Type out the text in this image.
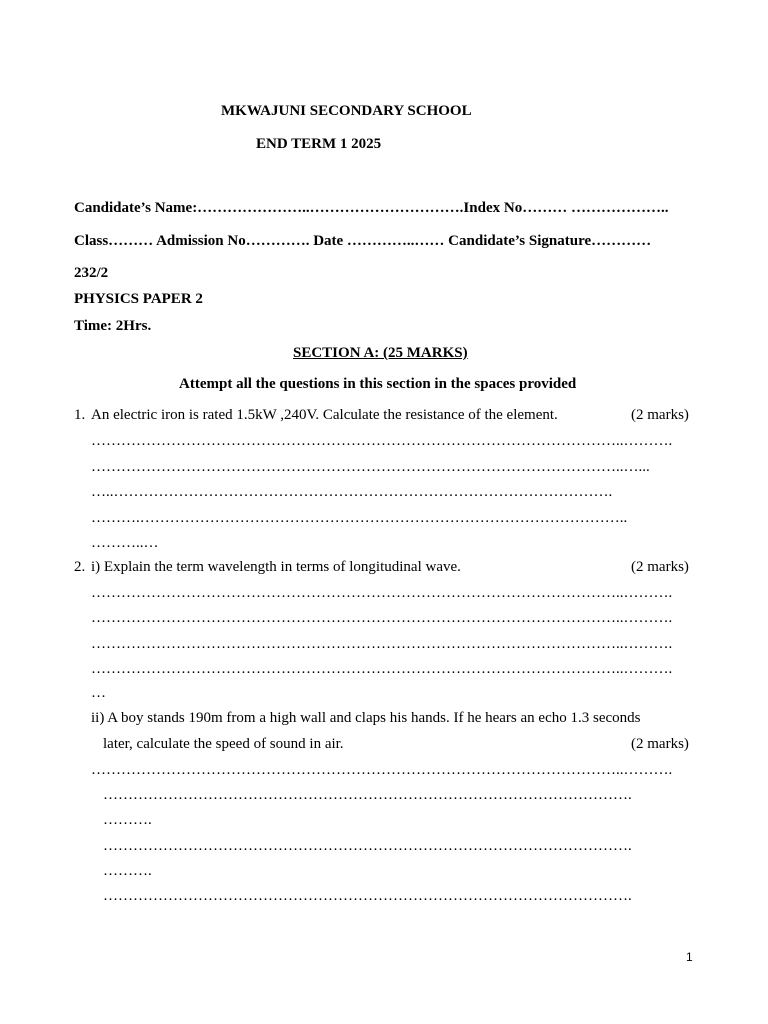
MKWAJUNI SECONDARY SCHOOL
END TERM 1 2025
Candidate’s Name:…………………..………………………….Index No……… ………………..
Class……… Admission No…………. Date …………..…… Candidate’s Signature…………
232/2
PHYSICS PAPER 2
Time: 2Hrs.
SECTION A: (25 MARKS)
Attempt all the questions in this section in the spaces provided
1. An electric iron is rated 1.5kW ,240V. Calculate the resistance of the element.	(2 marks)
……………………………………………………………………………………………..……….
……………………………………………………………………………………………..…...
…..……………………………………………………………………………………….
……….……………………………………………………………………………………..
………..…
2. i) Explain the term wavelength in terms of longitudinal wave.	(2 marks)
……………………………………………………………………………………………..……….
……………………………………………………………………………………………..……….
……………………………………………………………………………………………..……….
……………………………………………………………………………………………..……….
…
ii) A boy stands 190m from a high wall and claps his hands. If he hears an echo 1.3 seconds
later, calculate the speed of sound in air.	(2 marks)
……………………………………………………………………………………………..……….
…………………………………………………………………………………………….
……….
…………………………………………………………………………………………….
……….
…………………………………………………………………………………………….
1
